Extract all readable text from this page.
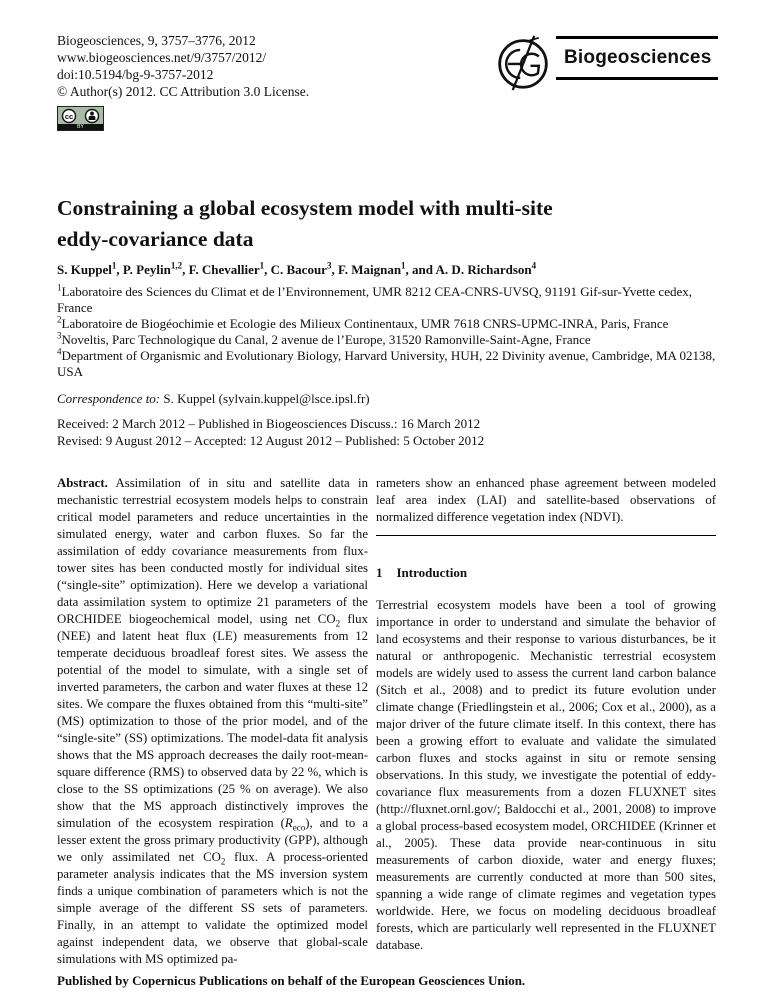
Biogeosciences, 9, 3757–3776, 2012
www.biogeosciences.net/9/3757/2012/
doi:10.5194/bg-9-3757-2012
© Author(s) 2012. CC Attribution 3.0 License.
cc
BY
Biogeosciences
Constraining a global ecosystem model with multi-site
eddy-covariance data
S. Kuppel$^1$, P. Peylin$^{1,2}$, F. Chevallier$^1$, C. Bacour$^3$, F. Maignan$^1$, and A. D. Richardson$^4$
$^1$Laboratoire des Sciences du Climat et de l’Environnement, UMR 8212 CEA-CNRS-UVSQ, 91191 Gif-sur-Yvette cedex, France
$^2$Laboratoire de Biogéochimie et Ecologie des Milieux Continentaux, UMR 7618 CNRS-UPMC-INRA, Paris, France
$^3$Noveltis, Parc Technologique du Canal, 2 avenue de l’Europe, 31520 Ramonville-Saint-Agne, France
$^4$Department of Organismic and Evolutionary Biology, Harvard University, HUH, 22 Divinity avenue, Cambridge, MA 02138, USA
Correspondence to: S. Kuppel (sylvain.kuppel@lsce.ipsl.fr)
Received: 2 March 2012 – Published in Biogeosciences Discuss.: 16 March 2012
Revised: 9 August 2012 – Accepted: 12 August 2012 – Published: 5 October 2012

Abstract. Assimilation of in situ and satellite data in mechanistic terrestrial ecosystem models helps to constrain critical model parameters and reduce uncertainties in the simulated energy, water and carbon fluxes. So far the assimilation of eddy covariance measurements from flux-tower sites has been conducted mostly for individual sites (“single-site” optimization). Here we develop a variational data assimilation system to optimize 21 parameters of the ORCHIDEE biogeochemical model, using net $CO_2$ flux (NEE) and latent heat flux (LE) measurements from 12 temperate deciduous broadleaf forest sites. We assess the potential of the model to simulate, with a single set of inverted parameters, the carbon and water fluxes at these 12 sites. We compare the fluxes obtained from this “multi-site” (MS) optimization to those of the prior model, and of the “single-site” (SS) optimizations. The model-data fit analysis shows that the MS approach decreases the daily root-mean-square difference (RMS) to observed data by 22 %, which is close to the SS optimizations (25 % on average). We also show that the MS approach distinctively improves the simulation of the ecosystem respiration $(R_{eco})$, and to a lesser extent the gross primary productivity (GPP), although we only assimilated net $CO_2$ flux. A process-oriented parameter analysis indicates that the MS inversion system finds a unique combination of parameters which is not the simple average of the different SS sets of parameters. Finally, in an attempt to validate the optimized model against independent data, we observe that global-scale simulations with MS optimized pa-

rameters show an enhanced phase agreement between modeled leaf area index (LAI) and satellite-based observations of normalized difference vegetation index (NDVI).

1 Introduction

Terrestrial ecosystem models have been a tool of growing importance in order to understand and simulate the behavior of land ecosystems and their response to various disturbances, be it natural or anthropogenic. Mechanistic terrestrial ecosystem models are widely used to assess the current land carbon balance (Sitch et al., 2008) and to predict its future evolution under climate change (Friedlingstein et al., 2006; Cox et al., 2000), as a major driver of the future climate itself. In this context, there has been a growing effort to evaluate and validate the simulated carbon fluxes and stocks against in situ or remote sensing observations. In this study, we investigate the potential of eddy-covariance flux measurements from a dozen FLUXNET sites (http://fluxnet.ornl.gov/; Baldocchi et al., 2001, 2008) to improve a global process-based ecosystem model, ORCHIDEE (Krinner et al., 2005). These data provide near-continuous in situ measurements of carbon dioxide, water and energy fluxes; measurements are currently conducted at more than 500 sites, spanning a wide range of climate regimes and vegetation types worldwide. Here, we focus on modeling deciduous broadleaf forests, which are particularly well represented in the FLUXNET database.

Published by Copernicus Publications on behalf of the European Geosciences Union.
